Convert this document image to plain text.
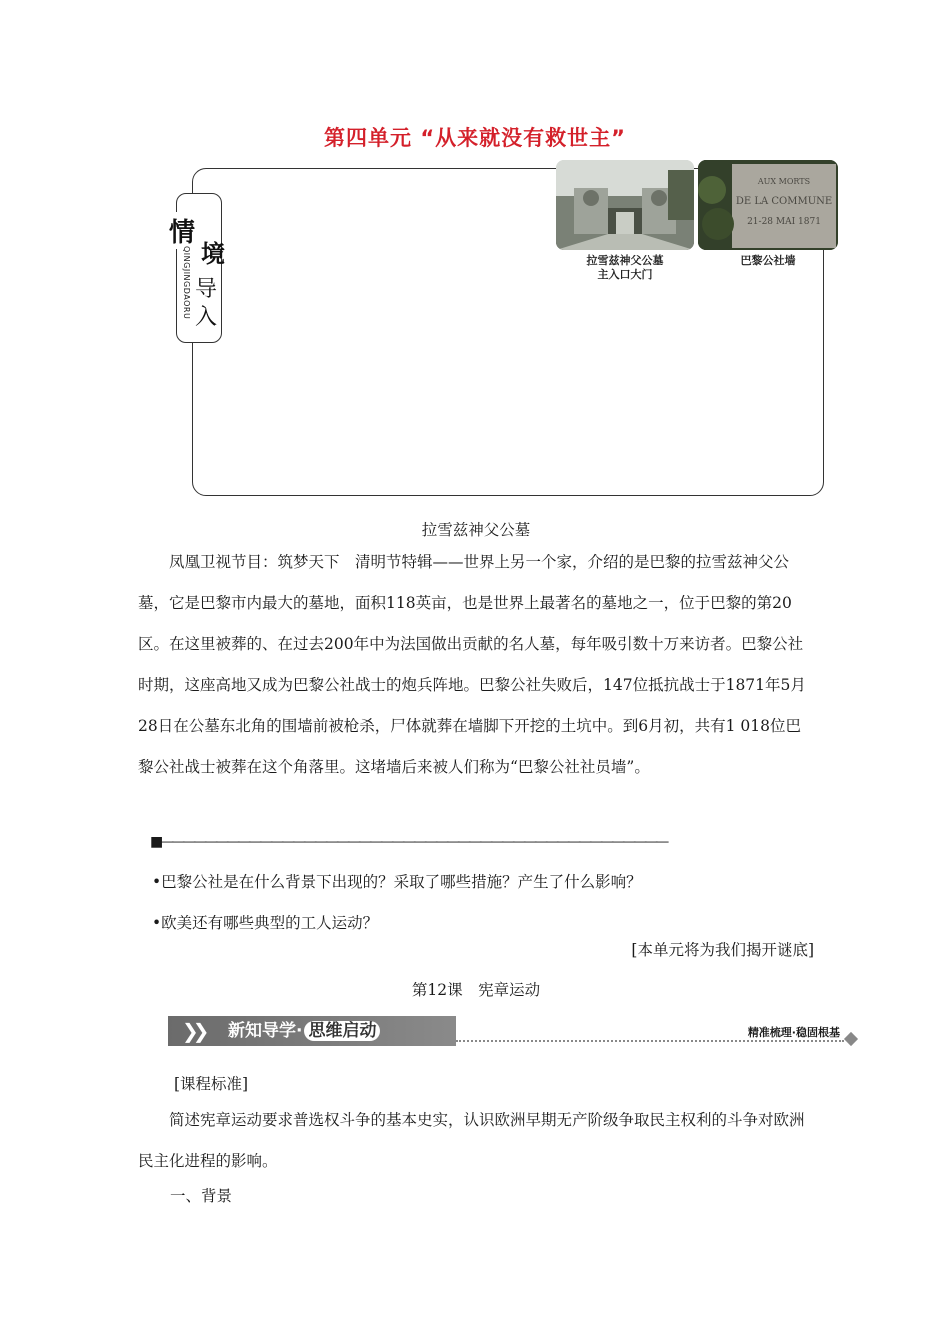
第四单元 “从来就没有救世主”
情
境
导
入
QINGJINGDAORU
AUX MORTS
DE LA COMMUNE
21-28 MAI 1871
拉雪兹神父公墓
主入口大门
巴黎公社墙
拉雪兹神父公墓

凤凰卫视节目：筑梦天下　清明节特辑——世界上另一个家，介绍的是巴黎的拉雪兹神父公墓，它是巴黎市内最大的墓地，面积118英亩，也是世界上最著名的墓地之一，位于巴黎的第20区。在这里被葬的、在过去200年中为法国做出贡献的名人墓，每年吸引数十万来访者。巴黎公社时期，这座高地又成为巴黎公社战士的炮兵阵地。巴黎公社失败后，147位抵抗战士于1871年5月28日在公墓东北角的围墙前被枪杀，尸体就葬在墙脚下开挖的土坑中。到6月初，共有1 018位巴黎公社战士被葬在这个角落里。这堵墙后来被人们称为“巴黎公社社员墙”。

■——————————————————————————————————————————————
•巴黎公社是在什么背景下出现的？采取了哪些措施？产生了什么影响？
•欧美还有哪些典型的工人运动？
[本单元将为我们揭开谜底]
第12课　宪章运动
❯❯ 新知导学· 思维启动	精准梳理·稳固根基
[课程标准]

简述宪章运动要求普选权斗争的基本史实，认识欧洲早期无产阶级争取民主权利的斗争对欧洲民主化进程的影响。

一、背景
